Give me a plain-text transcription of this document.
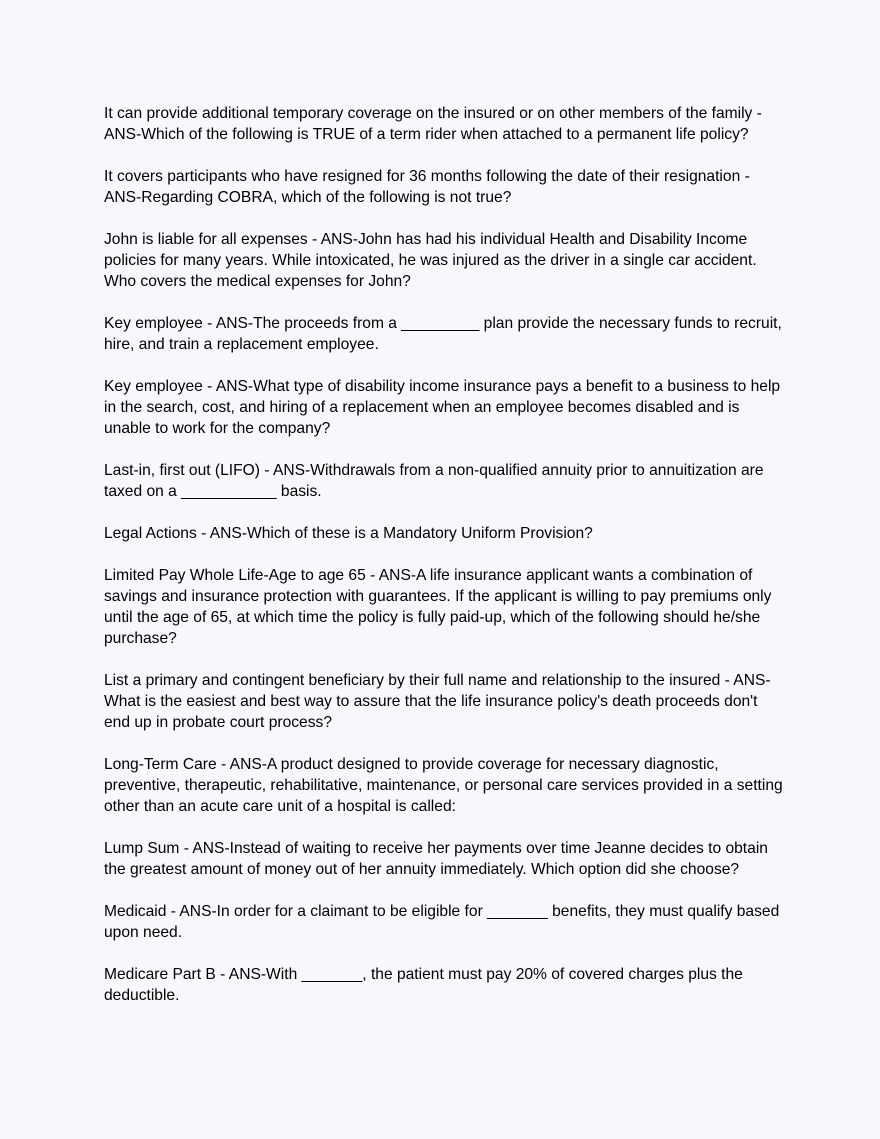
It can provide additional temporary coverage on the insured or on other members of the family - ANS-Which of the following is TRUE of a term rider when attached to a permanent life policy?

It covers participants who have resigned for 36 months following the date of their resignation - ANS-Regarding COBRA, which of the following is not true?

John is liable for all expenses - ANS-John has had his individual Health and Disability Income policies for many years. While intoxicated, he was injured as the driver in a single car accident. Who covers the medical expenses for John?

Key employee - ANS-The proceeds from a _________ plan provide the necessary funds to recruit, hire, and train a replacement employee.

Key employee - ANS-What type of disability income insurance pays a benefit to a business to help in the search, cost, and hiring of a replacement when an employee becomes disabled and is unable to work for the company?

Last-in, first out (LIFO) - ANS-Withdrawals from a non-qualified annuity prior to annuitization are taxed on a ___________ basis.

Legal Actions - ANS-Which of these is a Mandatory Uniform Provision?

Limited Pay Whole Life-Age to age 65 - ANS-A life insurance applicant wants a combination of savings and insurance protection with guarantees. If the applicant is willing to pay premiums only until the age of 65, at which time the policy is fully paid-up, which of the following should he/she purchase?

List a primary and contingent beneficiary by their full name and relationship to the insured - ANS-What is the easiest and best way to assure that the life insurance policy's death proceeds don't end up in probate court process?

Long-Term Care - ANS-A product designed to provide coverage for necessary diagnostic, preventive, therapeutic, rehabilitative, maintenance, or personal care services provided in a setting other than an acute care unit of a hospital is called:

Lump Sum - ANS-Instead of waiting to receive her payments over time Jeanne decides to obtain the greatest amount of money out of her annuity immediately. Which option did she choose?

Medicaid - ANS-In order for a claimant to be eligible for _______ benefits, they must qualify based upon need.

Medicare Part B - ANS-With _______, the patient must pay 20% of covered charges plus the deductible.
